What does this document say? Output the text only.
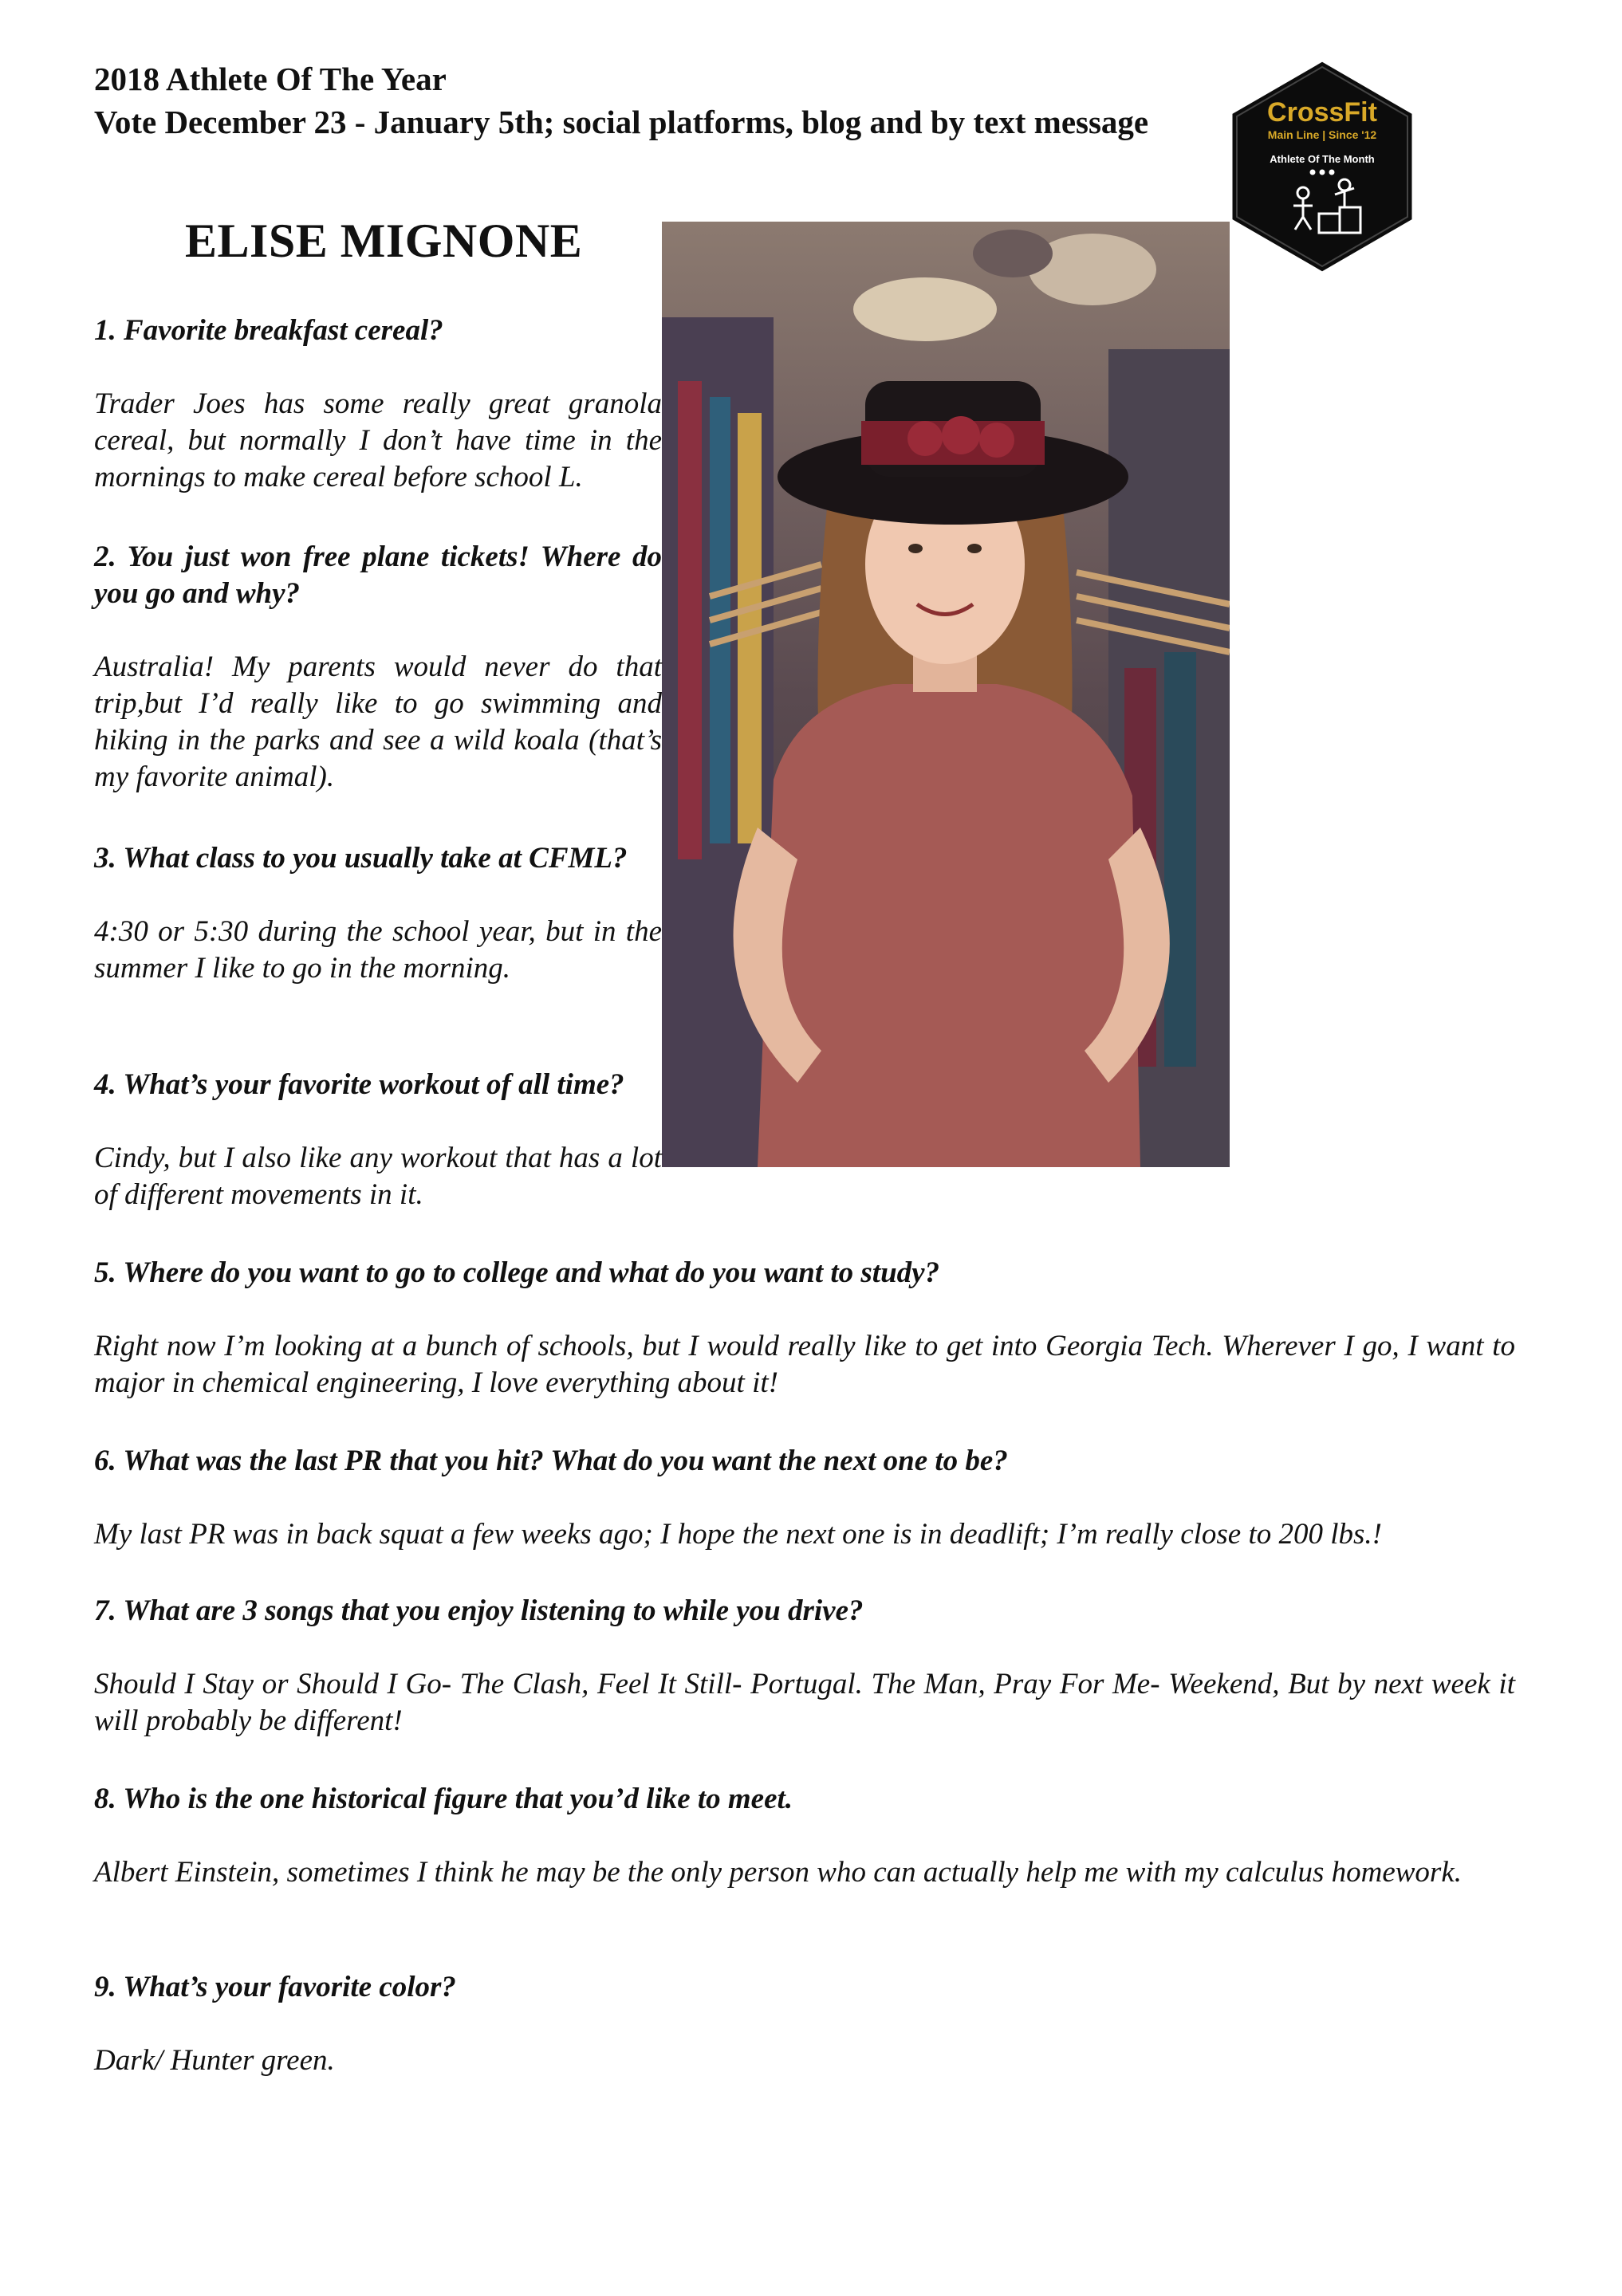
2018 Athlete Of The Year
Vote December 23 - January 5th; social platforms, blog and by text message	CrossFit
Main Line | Since '12
Athlete Of The Month
ELISE MIGNONE
1. Favorite breakfast cereal?
Trader Joes has some really great granola cereal, but normally I don’t have time in the mornings to make cereal before school L.
2. You just won free plane tickets! Where do you go and why?
Australia! My parents would never do that trip,but I’d really like to go swimming and hiking in the parks and see a wild koala (that’s my favorite animal).
3. What class to you usually take at CFML?
4:30 or 5:30 during the school year, but in the summer I like to go in the morning.
4. What’s your favorite workout of all time?
Cindy, but I also like any workout that has a lot of different movements in it.
5. Where do you want to go to college and what do you want to study?
Right now I’m looking at a bunch of schools, but I would really like to get into Georgia Tech. Wherever I go, I want to major in chemical engineering, I love everything about it!
6. What was the last PR that you hit? What do you want the next one to be?
My last PR was in back squat a few weeks ago; I hope the next one is in deadlift; I’m really close to 200 lbs.!
7. What are 3 songs that you enjoy listening to while you drive?
Should I Stay or Should I Go- The Clash, Feel It Still- Portugal. The Man, Pray For Me- Weekend, But by next week it will probably be different!
8. Who is the one historical figure that you’d like to meet.
Albert Einstein, sometimes I think he may be the only person who can actually help me with my calculus homework.
9. What’s your favorite color?
Dark/ Hunter green.
